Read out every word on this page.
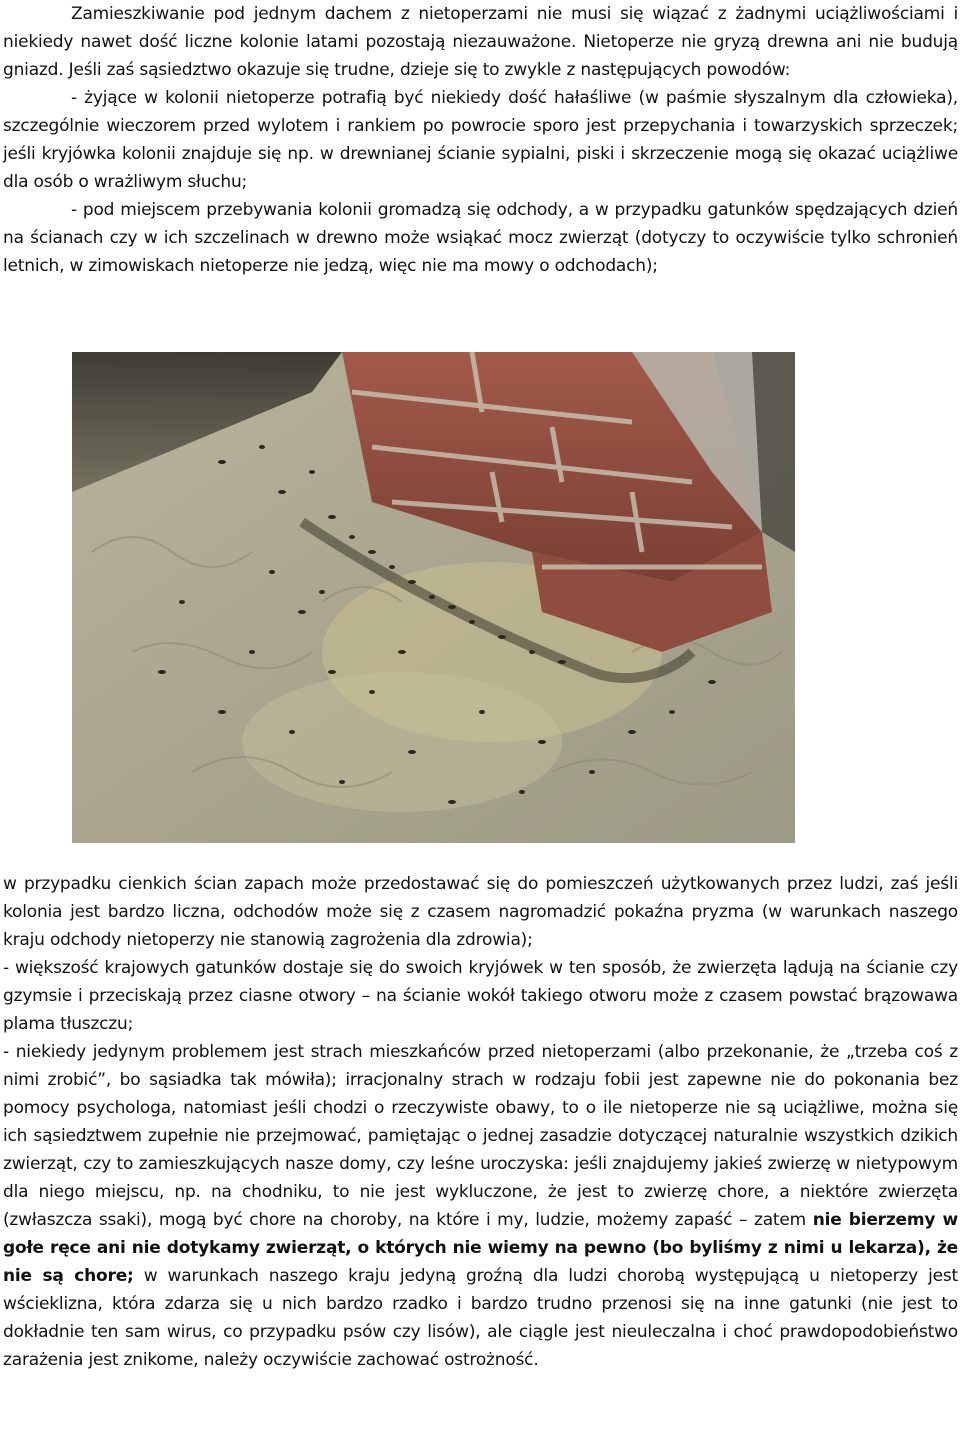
Zamieszkiwanie pod jednym dachem z nietoperzami nie musi się wiązać z żadnymi uciążliwościami i niekiedy nawet dość liczne kolonie latami pozostają niezauważone. Nietoperze nie gryzą drewna ani nie budują gniazd. Jeśli zaś sąsiedztwo okazuje się trudne, dzieje się to zwykle z następujących powodów:
- żyjące w kolonii nietoperze potrafią być niekiedy dość hałaśliwe (w paśmie słyszalnym dla człowieka), szczególnie wieczorem przed wylotem i rankiem po powrocie sporo jest przepychania i towarzyskich sprzeczek; jeśli kryjówka kolonii znajduje się np. w drewnianej ścianie sypialni, piski i skrzeczenie mogą się okazać uciążliwe dla osób o wrażliwym słuchu;
- pod miejscem przebywania kolonii gromadzą się odchody, a w przypadku gatunków spędzających dzień na ścianach czy w ich szczelinach w drewno może wsiąkać mocz zwierząt (dotyczy to oczywiście tylko schronień letnich, w zimowiskach nietoperze nie jedzą, więc nie ma mowy o odchodach);

w przypadku cienkich ścian zapach może przedostawać się do pomieszczeń użytkowanych przez ludzi, zaś jeśli kolonia jest bardzo liczna, odchodów może się z czasem nagromadzić pokaźna pryzma (w warunkach naszego kraju odchody nietoperzy nie stanowią zagrożenia dla zdrowia);
- większość krajowych gatunków dostaje się do swoich kryjówek w ten sposób, że zwierzęta lądują na ścianie czy gzymsie i przeciskają przez ciasne otwory – na ścianie wokół takiego otworu może z czasem powstać brązowawa plama tłuszczu;
- niekiedy jedynym problemem jest strach mieszkańców przed nietoperzami (albo przekonanie, że „trzeba coś z nimi zrobić”, bo sąsiadka tak mówiła); irracjonalny strach w rodzaju fobii jest zapewne nie do pokonania bez pomocy psychologa, natomiast jeśli chodzi o rzeczywiste obawy, to o ile nietoperze nie są uciążliwe, można się ich sąsiedztwem zupełnie nie przejmować, pamiętając o jednej zasadzie dotyczącej naturalnie wszystkich dzikich zwierząt, czy to zamieszkujących nasze domy, czy leśne uroczyska: jeśli znajdujemy jakieś zwierzę w nietypowym dla niego miejscu, np. na chodniku, to nie jest wykluczone, że jest to zwierzę chore, a niektóre zwierzęta (zwłaszcza ssaki), mogą być chore na choroby, na które i my, ludzie, możemy zapaść – zatem nie bierzemy w gołe ręce ani nie dotykamy zwierząt, o których nie wiemy na pewno (bo byliśmy z nimi u lekarza), że nie są chore; w warunkach naszego kraju jedyną groźną dla ludzi chorobą występującą u nietoperzy jest wścieklizna, która zdarza się u nich bardzo rzadko i bardzo trudno przenosi się na inne gatunki (nie jest to dokładnie ten sam wirus, co przypadku psów czy lisów), ale ciągle jest nieuleczalna i choć prawdopodobieństwo zarażenia jest znikome, należy oczywiście zachować ostrożność.
